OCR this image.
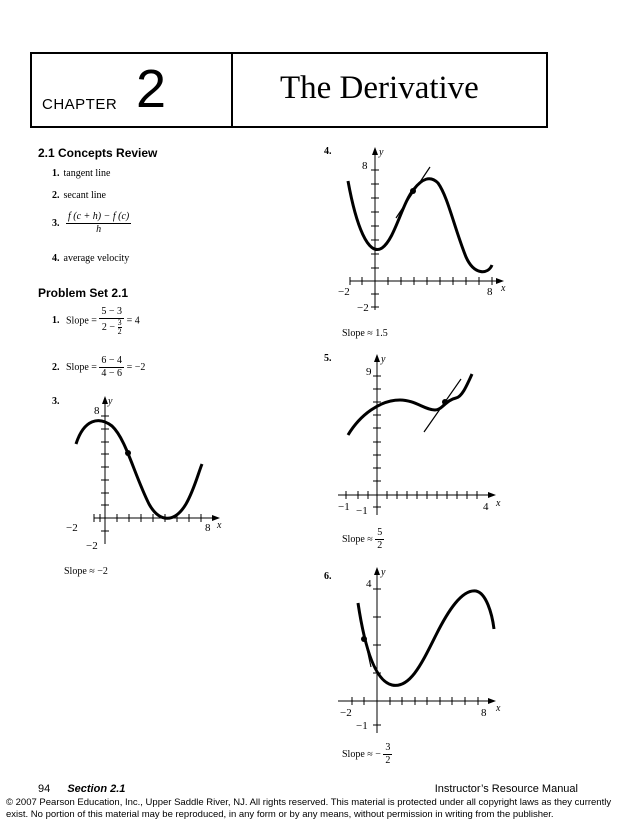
CHAPTER 2	The Derivative
2.1 Concepts Review
1. tangent line
2. secant line
3. $\frac{f (c + h) - f (c)}{h}$
4. average velocity
Problem Set 2.1
1. Slope = $\frac{5 - 3}{2 - \frac{3}{2}} = 4$
2. Slope = $\frac{6 - 4}{4 - 6} = -2$
3.
8
y
−2	8 x
−2
Slope ≈ −2
4.
8
y
−2	8 x
−2
Slope ≈ 1.5
5.
9
y
−1	4 x
−1
Slope ≈ $\frac{5}{2}$
6.
4
y
−2	8 x
−1
Slope ≈ − $\frac{3}{2}$
94 Section 2.1	Instructor’s Resource Manual
© 2007 Pearson Education, Inc., Upper Saddle River, NJ. All rights reserved. This material is protected under all copyright laws as they currently exist. No portion of this material may be reproduced, in any form or by any means, without permission in writing from the publisher.
